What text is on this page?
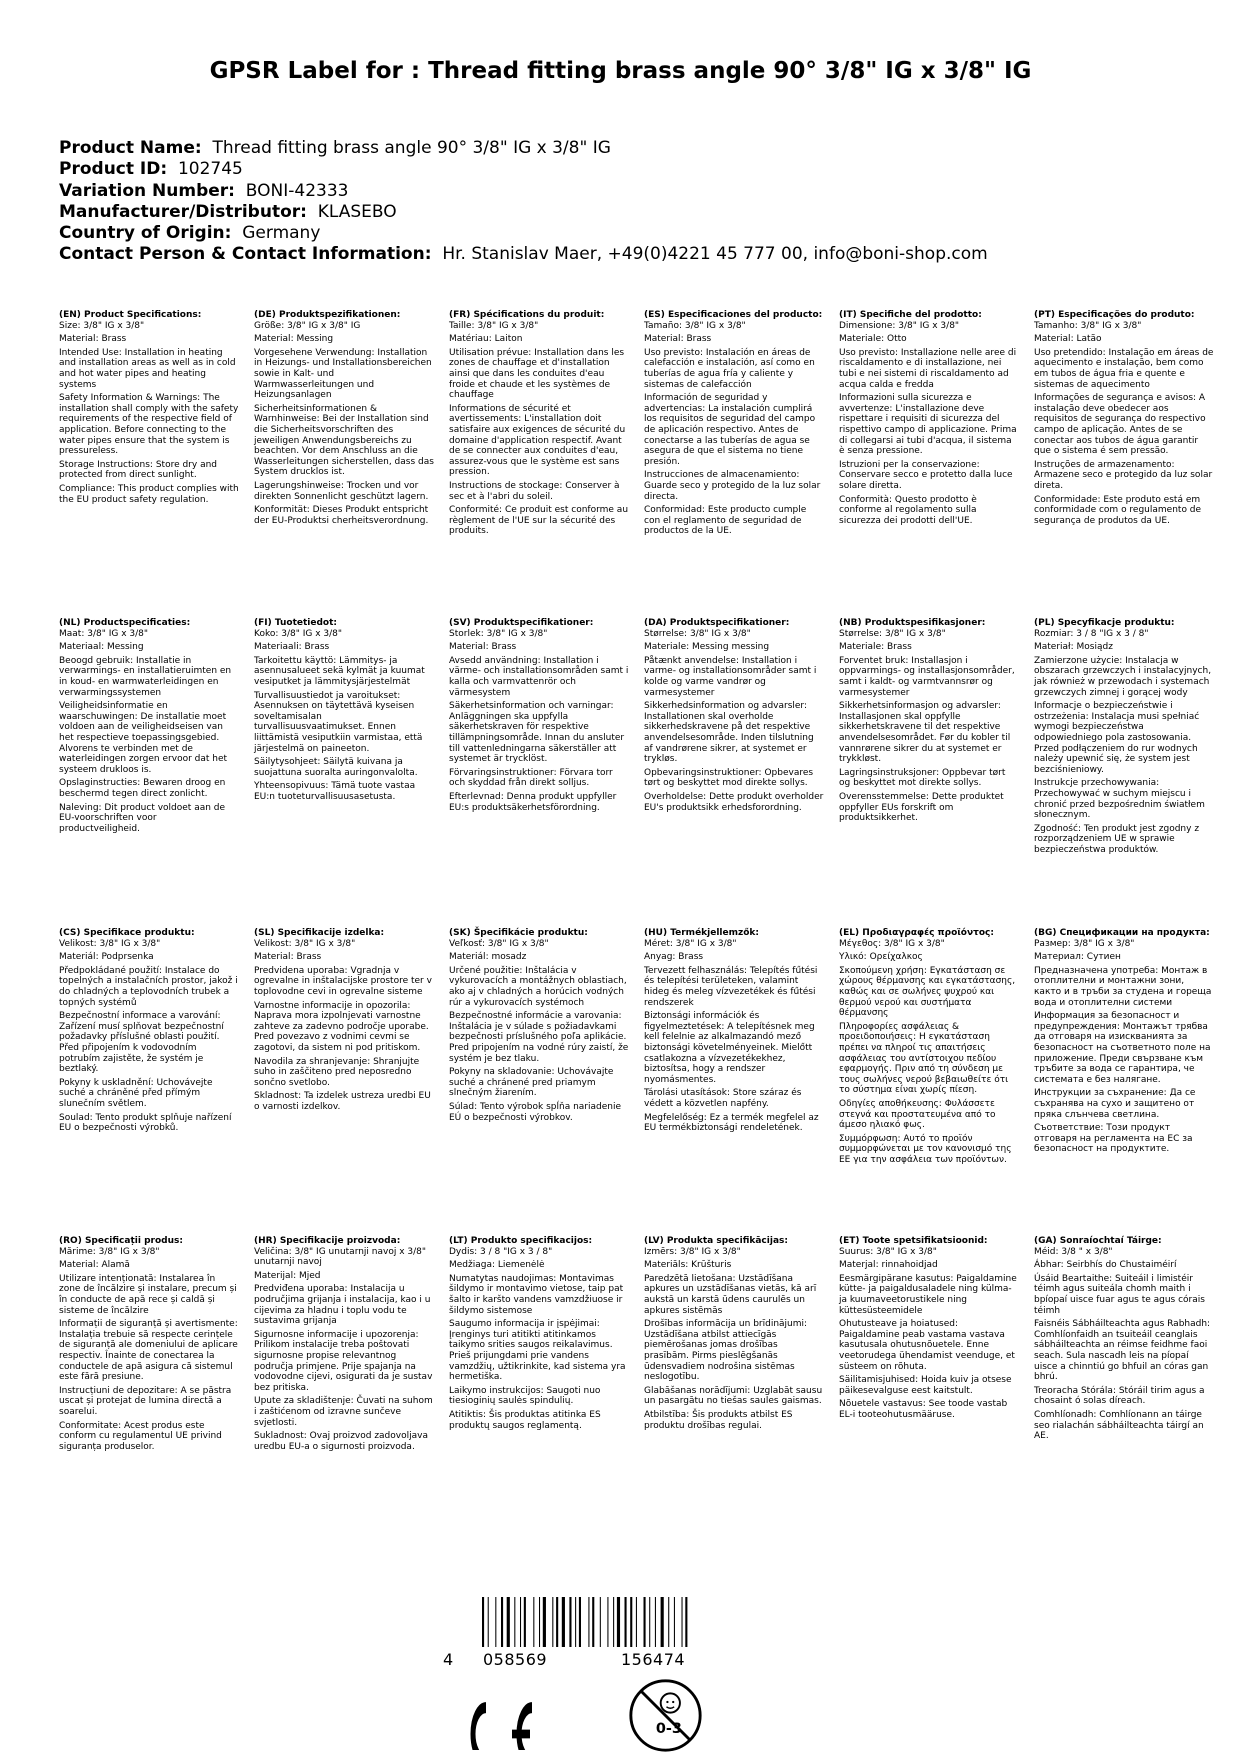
GPSR Label for : Thread fitting brass angle 90° 3/8" IG x 3/8" IG
Product Name: Thread fitting brass angle 90° 3/8" IG x 3/8" IG
Product ID: 102745
Variation Number: BONI-42333
Manufacturer/Distributor: KLASEBO
Country of Origin: Germany
Contact Person & Contact Information: Hr. Stanislav Maer, +49(0)4221 45 777 00, info@boni-shop.com
(EN) Product Specifications:
Size: 3/8" IG x 3/8"
Material: Brass
Intended Use: Installation in heating and installation areas as well as in cold and hot water pipes and heating systems
Safety Information & Warnings: The installation shall comply with the safety requirements of the respective field of application. Before connecting to the water pipes ensure that the system is pressureless.
Storage Instructions: Store dry and protected from direct sunlight.
Compliance: This product complies with the EU product safety regulation.
(DE) Produktspezifikationen:
Größe: 3/8" IG x 3/8" IG
Material: Messing
Vorgesehene Verwendung: Installation in Heizungs- und Installationsbereichen sowie in Kalt- und Warmwasserleitungen und Heizungsanlagen
Sicherheitsinformationen & Warnhinweise: Bei der Installation sind die Sicherheitsvorschriften des jeweiligen Anwendungsbereichs zu beachten. Vor dem Anschluss an die Wasserleitungen sicherstellen, dass das System drucklos ist.
Lagerungshinweise: Trocken und vor direkten Sonnenlicht geschützt lagern.
Konformität: Dieses Produkt entspricht der EU-Produktsi cherheitsverordnung.
(FR) Spécifications du produit:
Taille: 3/8" IG x 3/8"
Matériau: Laiton
Utilisation prévue: Installation dans les zones de chauffage et d'installation ainsi que dans les conduites d'eau froide et chaude et les systèmes de chauffage
Informations de sécurité et avertissements: L'installation doit satisfaire aux exigences de sécurité du domaine d'application respectif. Avant de se connecter aux conduites d'eau, assurez-vous que le système est sans pression.
Instructions de stockage: Conserver à sec et à l'abri du soleil.
Conformité: Ce produit est conforme au règlement de l'UE sur la sécurité des produits.
(ES) Especificaciones del producto:
Tamaño: 3/8" IG x 3/8"
Material: Brass
Uso previsto: Instalación en áreas de calefacción e instalación, así como en tuberías de agua fría y caliente y sistemas de calefacción
Información de seguridad y advertencias: La instalación cumplirá los requisitos de seguridad del campo de aplicación respectivo. Antes de conectarse a las tuberías de agua se asegura de que el sistema no tiene presión.
Instrucciones de almacenamiento: Guarde seco y protegido de la luz solar directa.
Conformidad: Este producto cumple con el reglamento de seguridad de productos de la UE.
(IT) Specifiche del prodotto:
Dimensione: 3/8" IG x 3/8"
Materiale: Otto
Uso previsto: Installazione nelle aree di riscaldamento e di installazione, nei tubi e nei sistemi di riscaldamento ad acqua calda e fredda
Informazioni sulla sicurezza e avvertenze: L'installazione deve rispettare i requisiti di sicurezza del rispettivo campo di applicazione. Prima di collegarsi ai tubi d'acqua, il sistema è senza pressione.
Istruzioni per la conservazione: Conservare secco e protetto dalla luce solare diretta.
Conformità: Questo prodotto è conforme al regolamento sulla sicurezza dei prodotti dell'UE.
(PT) Especificações do produto:
Tamanho: 3/8" IG x 3/8"
Material: Latão
Uso pretendido: Instalação em áreas de aquecimento e instalação, bem como em tubos de água fria e quente e sistemas de aquecimento
Informações de segurança e avisos: A instalação deve obedecer aos requisitos de segurança do respectivo campo de aplicação. Antes de se conectar aos tubos de água garantir que o sistema é sem pressão.
Instruções de armazenamento: Armazene seco e protegido da luz solar direta.
Conformidade: Este produto está em conformidade com o regulamento de segurança de produtos da UE.
(NL) Productspecificaties:
Maat: 3/8" IG x 3/8"
Materiaal: Messing
Beoogd gebruik: Installatie in verwarmings- en installatieruimten en in koud- en warmwaterleidingen en verwarmingssystemen
Veiligheidsinformatie en waarschuwingen: De installatie moet voldoen aan de veiligheidseisen van het respectieve toepassingsgebied. Alvorens te verbinden met de waterleidingen zorgen ervoor dat het systeem drukloos is.
Opslaginstructies: Bewaren droog en beschermd tegen direct zonlicht.
Naleving: Dit product voldoet aan de EU-voorschriften voor productveiligheid.
(FI) Tuotetiedot:
Koko: 3/8" IG x 3/8"
Materiaali: Brass
Tarkoitettu käyttö: Lämmitys- ja asennusalueet sekä kylmät ja kuumat vesiputket ja lämmitysjärjestelmät
Turvallisuustiedot ja varoitukset: Asennuksen on täytettävä kyseisen soveltamisalan turvallisuusvaatimukset. Ennen liittämistä vesiputkiin varmistaa, että järjestelmä on paineeton.
Säilytysohjeet: Säilytä kuivana ja suojattuna suoralta auringonvalolta.
Yhteensopivuus: Tämä tuote vastaa EU:n tuoteturvallisuusasetusta.
(SV) Produktspecifikationer:
Storlek: 3/8" IG x 3/8"
Material: Brass
Avsedd användning: Installation i värme- och installationsområden samt i kalla och varmvattenrör och värmesystem
Säkerhetsinformation och varningar: Anläggningen ska uppfylla säkerhetskraven för respektive tillämpningsområde. Innan du ansluter till vattenledningarna säkerställer att systemet är trycklöst.
Förvaringsinstruktioner: Förvara torr och skyddad från direkt solljus.
Efterlevnad: Denna produkt uppfyller EU:s produktsäkerhetsförordning.
(DA) Produktspecifikationer:
Størrelse: 3/8" IG x 3/8"
Materiale: Messing messing
Påtænkt anvendelse: Installation i varme- og installationsområder samt i kolde og varme vandrør og varmesystemer
Sikkerhedsinformation og advarsler: Installationen skal overholde sikkerhedskravene på det respektive anvendelsesområde. Inden tilslutning af vandrørene sikrer, at systemet er trykløs.
Opbevaringsinstruktioner: Opbevares tørt og beskyttet mod direkte sollys.
Overholdelse: Dette produkt overholder EU's produktsikk erhedsforordning.
(NB) Produktspesifikasjoner:
Størrelse: 3/8" IG x 3/8"
Materiale: Brass
Forventet bruk: Installasjon i oppvarmings- og installasjonsområder, samt i kaldt- og varmtvannsrør og varmesystemer
Sikkerhetsinformasjon og advarsler: Installasjonen skal oppfylle sikkerhetskravene til det respektive anvendelsesområdet. Før du kobler til vannrørene sikrer du at systemet er trykkløst.
Lagringsinstruksjoner: Oppbevar tørt og beskyttet mot direkte sollys.
Overensstemmelse: Dette produktet oppfyller EUs forskrift om produktsikkerhet.
(PL) Specyfikacje produktu:
Rozmiar: 3 / 8 "IG x 3 / 8"
Materiał: Mosiądz
Zamierzone użycie: Instalacja w obszarach grzewczych i instalacyjnych, jak również w przewodach i systemach grzewczych zimnej i gorącej wody
Informacje o bezpieczeństwie i ostrzeżenia: Instalacja musi spełniać wymogi bezpieczeństwa odpowiedniego pola zastosowania. Przed podłączeniem do rur wodnych należy upewnić się, że system jest bezciśnieniowy.
Instrukcje przechowywania: Przechowywać w suchym miejscu i chronić przed bezpośrednim światłem słonecznym.
Zgodność: Ten produkt jest zgodny z rozporządzeniem UE w sprawie bezpieczeństwa produktów.
(CS) Specifikace produktu:
Velikost: 3/8" IG x 3/8"
Materiál: Podprsenka
Předpokládané použití: Instalace do topelných a instalačních prostor, jakož i do chladných a teplovodních trubek a topných systémů
Bezpečnostní informace a varování: Zařízení musí splňovat bezpečnostní požadavky příslušné oblasti použití. Před připojením k vodovodním potrubím zajistěte, že systém je beztlaký.
Pokyny k uskladnění: Uchovávejte suché a chráněné před přímým slunečním světlem.
Soulad: Tento produkt splňuje nařízení EU o bezpečnosti výrobků.
(SL) Specifikacije izdelka:
Velikost: 3/8" IG x 3/8"
Material: Brass
Predvidena uporaba: Vgradnja v ogrevalne in inštalacijske prostore ter v toplovodne cevi in ogrevalne sisteme
Varnostne informacije in opozorila: Naprava mora izpolnjevati varnostne zahteve za zadevno področje uporabe. Pred povezavo z vodnimi cevmi se zagotovi, da sistem ni pod pritiskom.
Navodila za shranjevanje: Shranjujte suho in zaščiteno pred neposredno sončno svetlobo.
Skladnost: Ta izdelek ustreza uredbi EU o varnosti izdelkov.
(SK) Špecifikácie produktu:
Veľkosť: 3/8" IG x 3/8"
Materiál: mosadz
Určené použitie: Inštalácia v vykurovacích a montážnych oblastiach, ako aj v chladných a horúcich vodných rúr a vykurovacích systémoch
Bezpečnostné informácie a varovania: Inštalácia je v súlade s požiadavkami bezpečnosti príslušného poľa aplikácie. Pred pripojením na vodné rúry zaistí, že systém je bez tlaku.
Pokyny na skladovanie: Uchovávajte suché a chránené pred priamym slnečným žiarením.
Súlad: Tento výrobok spĺňa nariadenie EÚ o bezpečnosti výrobkov.
(HU) Termékjellemzők:
Méret: 3/8" IG x 3/8"
Anyag: Brass
Tervezett felhasználás: Telepítés fűtési és telepítési területeken, valamint hideg és meleg vízvezetékek és fűtési rendszerek
Biztonsági információk és figyelmeztetések: A telepítésnek meg kell felelnie az alkalmazandó mező biztonsági követelményeinek. Mielőtt csatlakozna a vízvezetékekhez, biztosítsa, hogy a rendszer nyomásmentes.
Tárolási utasítások: Store száraz és védett a közvetlen napfény.
Megfelelőség: Ez a termék megfelel az EU termékbiztonsági rendeletének.
(EL) Προδιαγραφές προϊόντος:
Μέγεθος: 3/8" IG x 3/8"
Υλικό: Ορείχαλκος
Σκοπούμενη χρήση: Εγκατάσταση σε χώρους θέρμανσης και εγκατάστασης, καθώς και σε σωλήνες ψυχρού και θερμού νερού και συστήματα θέρμανσης
Πληροφορίες ασφάλειας & προειδοποιήσεις: Η εγκατάσταση πρέπει να πληροί τις απαιτήσεις ασφάλειας του αντίστοιχου πεδίου εφαρμογής. Πριν από τη σύνδεση με τους σωλήνες νερού βεβαιωθείτε ότι το σύστημα είναι χωρίς πίεση.
Οδηγίες αποθήκευσης: Φυλάσσετε στεγνά και προστατευμένα από το άμεσο ηλιακό φως.
Συμμόρφωση: Αυτό το προϊόν συμμορφώνεται με τον κανονισμό της ΕΕ για την ασφάλεια των προϊόντων.
(BG) Спецификации на продукта:
Размер: 3/8" IG x 3/8"
Материал: Сутиен
Предназначена употреба: Монтаж в отоплителни и монтажни зони, както и в тръби за студена и гореща вода и отоплителни системи
Информация за безопасност и предупреждения: Монтажът трябва да отговаря на изискванията за безопасност на съответното поле на приложение. Преди свързване към тръбите за вода се гарантира, че системата е без налягане.
Инструкции за съхранение: Да се съхранява на сухо и защитено от пряка слънчева светлина.
Съответствие: Този продукт отговаря на регламента на ЕС за безопасност на продуктите.
(RO) Specificații produs:
Mărime: 3/8" IG x 3/8"
Material: Alamă
Utilizare intenționată: Instalarea în zone de încălzire și instalare, precum și în conducte de apă rece și caldă și sisteme de încălzire
Informații de siguranță și avertismente: Instalația trebuie să respecte cerințele de siguranță ale domeniului de aplicare respectiv. Înainte de conectarea la conductele de apă asigura că sistemul este fără presiune.
Instrucțiuni de depozitare: A se păstra uscat și protejat de lumina directă a soarelui.
Conformitate: Acest produs este conform cu regulamentul UE privind siguranța produselor.
(HR) Specifikacije proizvoda:
Veličina: 3/8" IG unutarnji navoj x 3/8" unutarnji navoj
Materijal: Mjed
Predviđena uporaba: Instalacija u područjima grijanja i instalacija, kao i u cijevima za hladnu i toplu vodu te sustavima grijanja
Sigurnosne informacije i upozorenja: Prilikom instalacije treba poštovati sigurnosne propise relevantnog područja primjene. Prije spajanja na vodovodne cijevi, osigurati da je sustav bez pritiska.
Upute za skladištenje: Čuvati na suhom i zaštićenom od izravne sunčeve svjetlosti.
Sukladnost: Ovaj proizvod zadovoljava uredbu EU-a o sigurnosti proizvoda.
(LT) Produkto specifikacijos:
Dydis: 3 / 8 "IG x 3 / 8"
Medžiaga: Liemenėlė
Numatytas naudojimas: Montavimas šildymo ir montavimo vietose, taip pat šalto ir karšto vandens vamzdžiuose ir šildymo sistemose
Saugumo informacija ir įspėjimai: Įrenginys turi atitikti atitinkamos taikymo srities saugos reikalavimus. Prieš prijungdami prie vandens vamzdžių, užtikrinkite, kad sistema yra hermetiška.
Laikymo instrukcijos: Saugoti nuo tiesioginių saulės spindulių.
Atitiktis: Šis produktas atitinka ES produktų saugos reglamentą.
(LV) Produkta specifikācijas:
Izmērs: 3/8" IG x 3/8"
Materiāls: Krūšturis
Paredzētā lietošana: Uzstādīšana apkures un uzstādīšanas vietās, kā arī aukstā un karstā ūdens caurulēs un apkures sistēmās
Drošības informācija un brīdinājumi: Uzstādīšana atbilst attiecīgās piemērošanas jomas drošības prasībām. Pirms pieslēgšanās ūdensvadiem nodrošina sistēmas neslogotību.
Glabāšanas norādījumi: Uzglabāt sausu un pasargātu no tiešas saules gaismas.
Atbilstība: Šis produkts atbilst ES produktu drošības regulai.
(ET) Toote spetsifikatsioonid:
Suurus: 3/8" IG x 3/8"
Materjal: rinnahoidjad
Eesmärgipärane kasutus: Paigaldamine kütte- ja paigaldusaladele ning külma- ja kuumaveetorustikele ning küttesüsteemidele
Ohutusteave ja hoiatused: Paigaldamine peab vastama vastava kasutusala ohutusnõuetele. Enne veetorudega ühendamist veenduge, et süsteem on rõhuta.
Säilitamisjuhised: Hoida kuiv ja otsese päikesevalguse eest kaitstult.
Nõuetele vastavus: See toode vastab EL-i tooteohutusmääruse.
(GA) Sonraíochtaí Táirge:
Méid: 3/8 " x 3/8"
Ábhar: Seirbhís do Chustaiméirí
Úsáid Beartaithe: Suiteáil i limistéir téimh agus suiteála chomh maith i bpíopaí uisce fuar agus te agus córais téimh
Faisnéis Sábháilteachta agus Rabhadh: Comhlíonfaidh an tsuiteáil ceanglais sábháilteachta an réimse feidhme faoi seach. Sula nascadh leis na píopaí uisce a chinntiú go bhfuil an córas gan bhrú.
Treoracha Stórála: Stóráil tirim agus a chosaint ó solas díreach.
Comhlíonadh: Comhlíonann an táirge seo rialachán sábháilteachta táirgí an AE.
4 058569	156474
0-3
